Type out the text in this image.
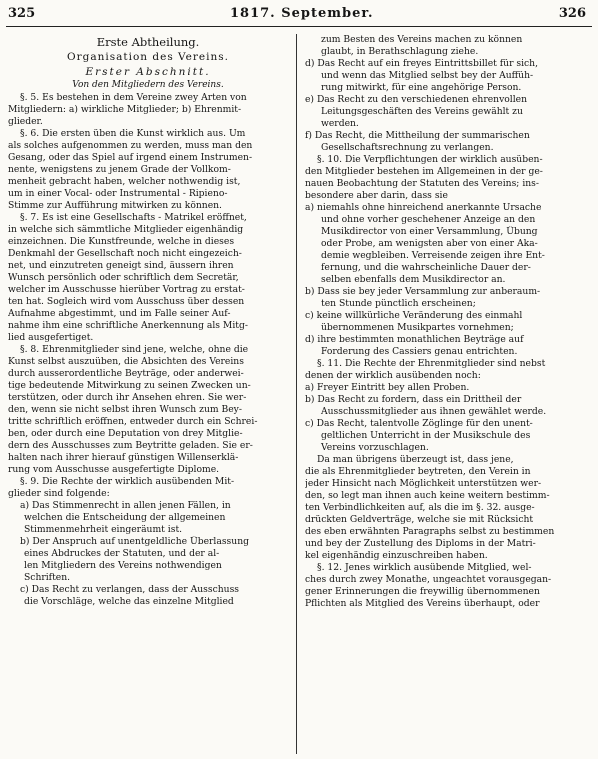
325	1817. September.	326
Erste Abtheilung.
Organisation des Vereins.
Erster Abschnitt.
Von den Mitgliedern des Vereins.
§. 5. Es bestehen in dem Vereine zwey Arten von
Mitgliedern: a) wirkliche Mitglieder; b) Ehrenmit-
glieder.
§. 6. Die ersten üben die Kunst wirklich aus. Um
als solches aufgenommen zu werden, muss man den
Gesang, oder das Spiel auf irgend einem Instrumen-
nente, wenigstens zu jenem Grade der Vollkom-
menheit gebracht haben, welcher nothwendig ist,
um in einer Vocal- oder Instrumental - Ripieno-
Stimme zur Aufführung mitwirken zu können.
§. 7. Es ist eine Gesellschafts - Matrikel eröffnet,
in welche sich sämmtliche Mitglieder eigenhändig
einzeichnen. Die Kunstfreunde, welche in dieses
Denkmahl der Gesellschaft noch nicht eingezeich-
net, und einzutreten geneigt sind, äussern ihren
Wunsch persönlich oder schriftlich dem Secretär,
welcher im Ausschusse hierüber Vortrag zu erstat-
ten hat. Sogleich wird vom Ausschuss über dessen
Aufnahme abgestimmt, und im Falle seiner Auf-
nahme ihm eine schriftliche Anerkennung als Mitg-
lied ausgefertiget.
§. 8. Ehrenmitglieder sind jene, welche, ohne die
Kunst selbst auszuüben, die Absichten des Vereins
durch ausserordentliche Beyträge, oder anderwei-
tige bedeutende Mitwirkung zu seinen Zwecken un-
terstützen, oder durch ihr Ansehen ehren. Sie wer-
den, wenn sie nicht selbst ihren Wunsch zum Bey-
tritte schriftlich eröffnen, entweder durch ein Schrei-
ben, oder durch eine Deputation von drey Mitglie-
dern des Ausschusses zum Beytritte geladen. Sie er-
halten nach ihrer hierauf günstigen Willenserklä-
rung vom Ausschusse ausgefertigte Diplome.
§. 9. Die Rechte der wirklich ausübenden Mit-
glieder sind folgende:
a) Das Stimmenrecht in allen jenen Fällen, in
welchen die Entscheidung der allgemeinen
Stimmenmehrheit eingeräumt ist.
b) Der Anspruch auf unentgeldliche Überlassung
eines Abdruckes der Statuten, und der al-
len Mitgliedern des Vereins nothwendigen
Schriften.
c) Das Recht zu verlangen, dass der Ausschuss
die Vorschläge, welche das einzelne Mitglied
zum Besten des Vereins machen zu können
glaubt, in Berathschlagung ziehe.
d) Das Recht auf ein freyes Eintrittsbillet für sich,
und wenn das Mitglied selbst bey der Auffüh-
rung mitwirkt, für eine angehörige Person.
e) Das Recht zu den verschiedenen ehrenvollen
Leitungsgeschäften des Vereins gewählt zu
werden.
f) Das Recht, die Mittheilung der summarischen
Gesellschaftsrechnung zu verlangen.
§. 10. Die Verpflichtungen der wirklich ausüben-
den Mitglieder bestehen im Allgemeinen in der ge-
nauen Beobachtung der Statuten des Vereins; ins-
besondere aber darin, dass sie
a) niemahls ohne hinreichend anerkannte Ursache
und ohne vorher geschehener Anzeige an den
Musikdirector von einer Versammlung, Übung
oder Probe, am wenigsten aber von einer Aka-
demie wegbleiben. Verreisende zeigen ihre Ent-
fernung, und die wahrscheinliche Dauer der-
selben ebenfalls dem Musikdirector an.
b) Dass sie bey jeder Versammlung zur anberaum-
ten Stunde pünctlich erscheinen;
c) keine willkürliche Veränderung des einmahl
übernommenen Musikpartes vornehmen;
d) ihre bestimmten monathlichen Beyträge auf
Forderung des Cassiers genau entrichten.
§. 11. Die Rechte der Ehrenmitglieder sind nebst
denen der wirklich ausübenden noch:
a) Freyer Eintritt bey allen Proben.
b) Das Recht zu fordern, dass ein Drittheil der
Ausschussmitglieder aus ihnen gewählet werde.
c) Das Recht, talentvolle Zöglinge für den unent-
geltlichen Unterricht in der Musikschule des
Vereins vorzuschlagen.
Da man übrigens überzeugt ist, dass jene,
die als Ehrenmitglieder beytreten, den Verein in
jeder Hinsicht nach Möglichkeit unterstützen wer-
den, so legt man ihnen auch keine weitern bestimm-
ten Verbindlichkeiten auf, als die im §. 32. ausge-
drückten Geldverträge, welche sie mit Rücksicht
des eben erwähnten Paragraphs selbst zu bestimmen
und bey der Zustellung des Diploms in der Matri-
kel eigenhändig einzuschreiben haben.
§. 12. Jenes wirklich ausübende Mitglied, wel-
ches durch zwey Monathe, ungeachtet vorausgegan-
gener Erinnerungen die freywillig übernommenen
Pflichten als Mitglied des Vereins überhaupt, oder
